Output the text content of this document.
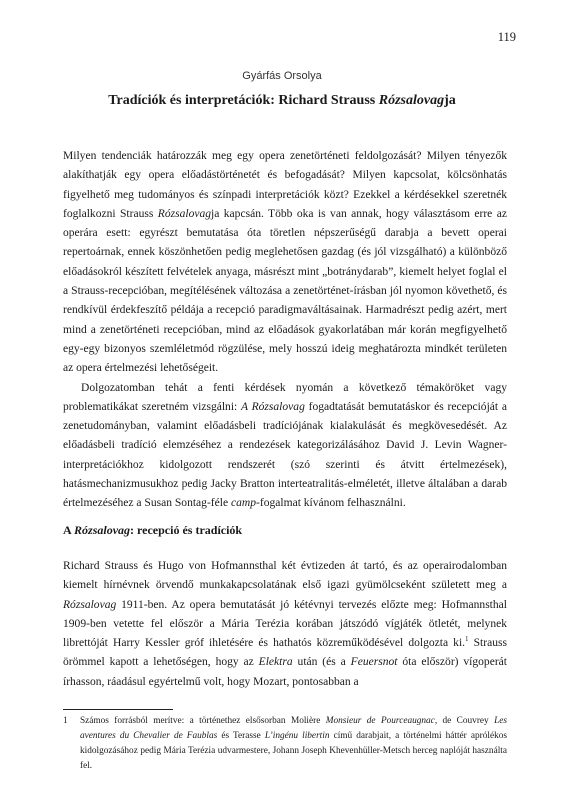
119
Gyárfás Orsolya
Tradíciók és interpretációk: Richard Strauss Rózsalovagja

Milyen tendenciák határozzák meg egy opera zenetörténeti feldolgozását? Milyen tényezők alakíthatják egy opera előadástörténetét és befogadását? Milyen kapcsolat, kölcsönhatás figyelhető meg tudományos és színpadi interpretációk közt? Ezekkel a kérdésekkel szeretnék foglalkozni Strauss Rózsalovagja kapcsán. Több oka is van annak, hogy választásom erre az operára esett: egyrészt bemutatása óta töretlen népszerűségű darabja a bevett operai repertoárnak, ennek köszönhetően pedig meglehetősen gazdag (és jól vizsgálható) a különböző előadásokról készített felvételek anyaga, másrészt mint „botránydarab”, kiemelt helyet foglal el a Strauss-recepcióban, megítélésének változása a zenetörténet-írásban jól nyomon követhető, és rendkívül érdekfeszítő példája a recepció paradigmaváltásainak. Harmadrészt pedig azért, mert mind a zenetörténeti recepcióban, mind az előadások gyakorlatában már korán megfigyelhető egy-egy bizonyos szemléletmód rögzülése, mely hosszú ideig meghatározta mindkét területen az opera értelmezési lehetőségeit.

Dolgozatomban tehát a fenti kérdések nyomán a következő témaköröket vagy problematikákat szeretném vizsgálni: A Rózsalovag fogadtatását bemutatáskor és recepcióját a zenetudományban, valamint előadásbeli tradíciójának kialakulását és megkövesedését. Az előadásbeli tradíció elemzéséhez a rendezések kategorizálásához David J. Levin Wagner-interpretációkhoz kidolgozott rendszerét (szó szerinti és átvitt értelmezések), hatásmechanizmusukhoz pedig Jacky Bratton interteatralitás-elméletét, illetve általában a darab értelmezéséhez a Susan Sontag-féle camp-fogalmat kívánom felhasználni.

A Rózsalovag: recepció és tradíciók

Richard Strauss és Hugo von Hofmannsthal két évtizeden át tartó, és az operairodalomban kiemelt hírnévnek örvendő munkakapcsolatának első igazi gyümölcseként született meg a Rózsalovag 1911-ben. Az opera bemutatását jó kétévnyi tervezés előzte meg: Hofmannsthal 1909-ben vetette fel először a Mária Terézia korában játszódó vígjáték ötletét, melynek librettóját Harry Kessler gróf ihletésére és hathatós közreműködésével dolgozta ki.$^1$ Strauss örömmel kapott a lehetőségen, hogy az Elektra után (és a Feuersnot óta először) vígoperát írhasson, ráadásul egyértelmű volt, hogy Mozart, pontosabban a

1	Számos forrásból merítve: a történethez elsősorban Molière Monsieur de Pourceaugnac, de Couvrey Les aventures du Chevalier de Faublas és Terasse L’ingénu libertin című darabjait, a történelmi háttér aprólékos kidolgozásához pedig Mária Terézia udvarmestere, Johann Joseph Khevenhüller-Metsch herceg naplóját használta fel.
